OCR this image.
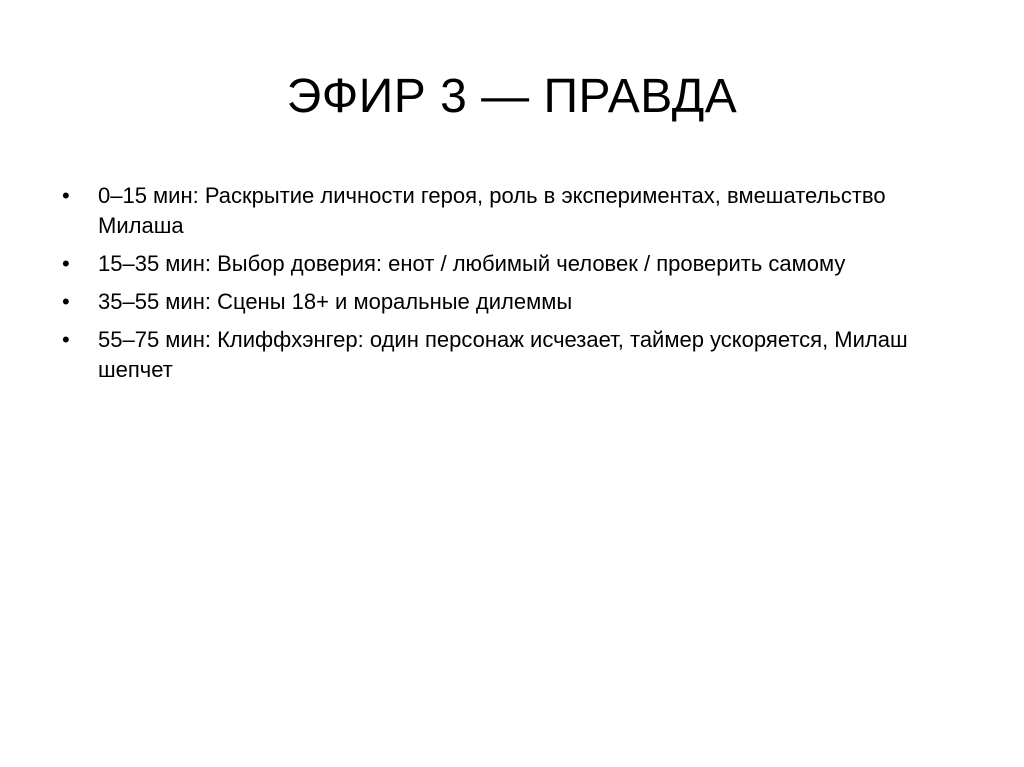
ЭФИР 3 — ПРАВДА
•	0–15 мин: Раскрытие личности героя, роль в экспериментах, вмешательство Милаша
•	15–35 мин: Выбор доверия: енот / любимый человек / проверить самому
•	35–55 мин: Сцены 18+ и моральные дилеммы
•	55–75 мин: Клиффхэнгер: один персонаж исчезает, таймер ускоряется, Милаш шепчет
